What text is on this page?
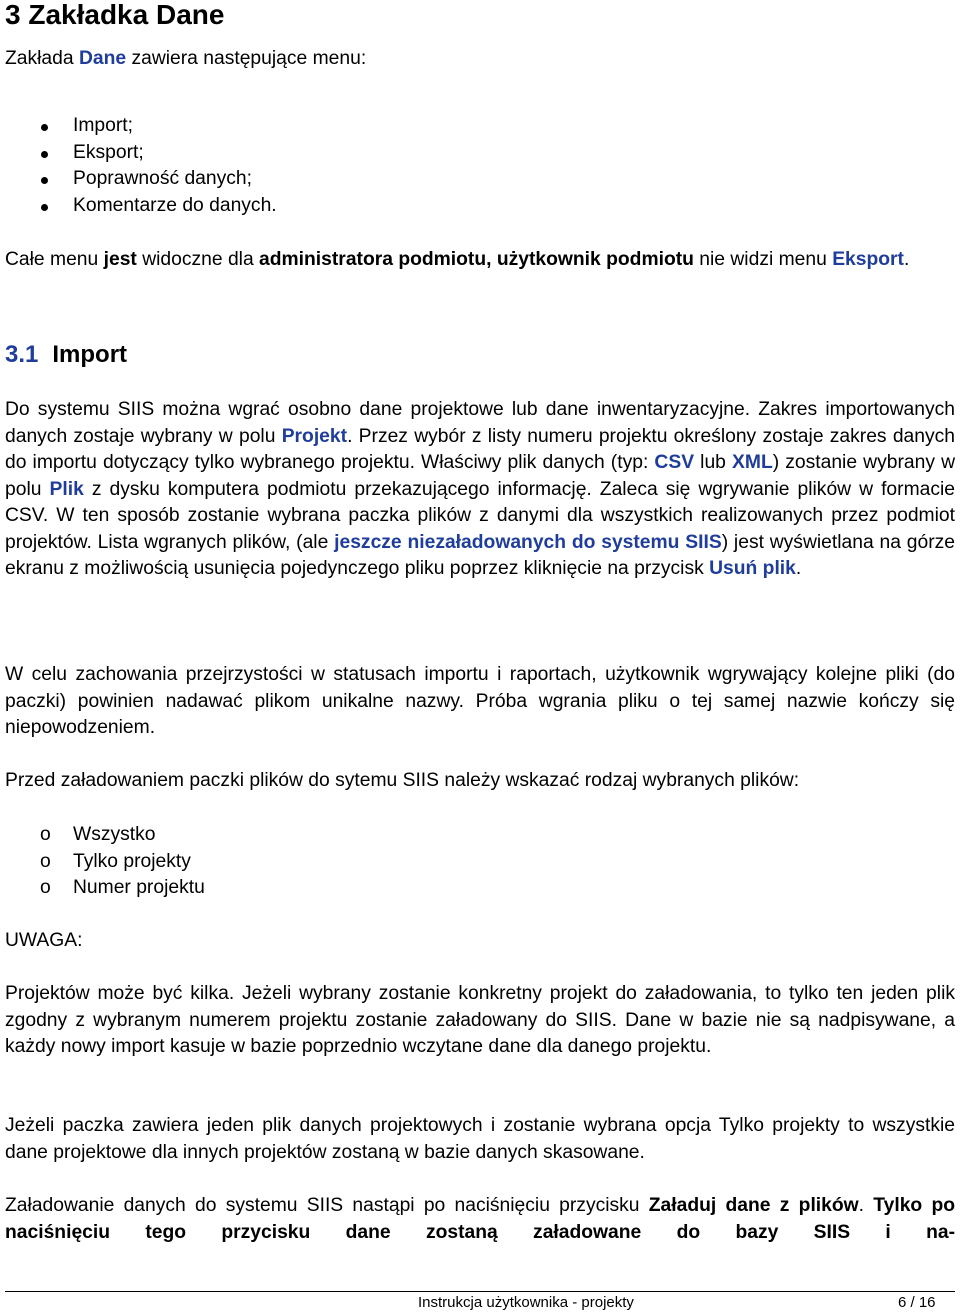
3 Zakładka Dane

Zakłada Dane zawiera następujące menu:

Import;
Eksport;
Poprawność danych;
Komentarze do danych.

Całe menu jest widoczne dla administratora podmiotu, użytkownik podmiotu nie widzi menu Eksport.

3.1 Import

Do systemu SIIS można wgrać osobno dane projektowe lub dane inwentaryzacyjne. Zakres importowanych danych zostaje wybrany w polu Projekt. Przez wybór z listy numeru projektu określony zostaje zakres danych do importu dotyczący tylko wybranego projektu. Właściwy plik danych (typ: CSV lub XML) zostanie wybrany w polu Plik z dysku komputera podmiotu przekazującego informację. Zaleca się wgrywanie plików w formacie CSV. W ten sposób zostanie wybrana paczka plików z danymi dla wszystkich realizowanych przez podmiot projektów. Lista wgranych plików, (ale jeszcze niezaładowanych do systemu SIIS) jest wyświetlana na górze ekranu z możliwością usunięcia pojedynczego pliku poprzez kliknięcie na przycisk Usuń plik.

W celu zachowania przejrzystości w statusach importu i raportach, użytkownik wgrywający kolejne pliki (do paczki) powinien nadawać plikom unikalne nazwy. Próba wgrania pliku o tej samej nazwie kończy się niepowodzeniem.

Przed załadowaniem paczki plików do sytemu SIIS należy wskazać rodzaj wybranych plików:

o Wszystko
o Tylko projekty
o Numer projektu

UWAGA:

Projektów może być kilka. Jeżeli wybrany zostanie konkretny projekt do załadowania, to tylko ten jeden plik zgodny z wybranym numerem projektu zostanie załadowany do SIIS. Dane w bazie nie są nadpisywane, a każdy nowy import kasuje w bazie poprzednio wczytane dane dla danego projektu.

Jeżeli paczka zawiera jeden plik danych projektowych i zostanie wybrana opcja Tylko projekty to wszystkie dane projektowe dla innych projektów zostaną w bazie danych skasowane.

Załadowanie danych do systemu SIIS nastąpi po naciśnięciu przycisku Załaduj dane z plików. Tylko po naciśnięciu tego przycisku dane zostaną załadowane do bazy SIIS i na-

Instrukcja użytkownika - projekty	6 / 16
